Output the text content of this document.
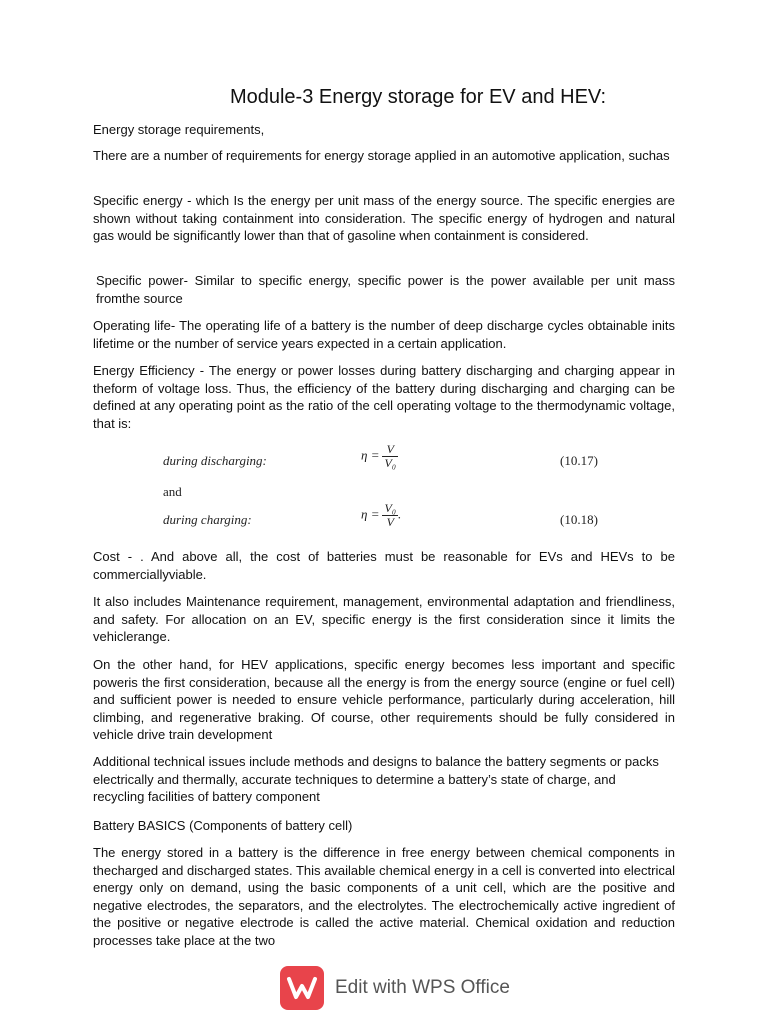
Module-3 Energy storage for EV and HEV:
Energy storage requirements,
There are a number of requirements for energy storage applied in an automotive application, suchas
Specific energy - which Is the energy per unit mass of the energy source. The specific energies are shown without taking containment into consideration. The specific energy of hydrogen and natural gas would be significantly lower than that of gasoline when containment is considered.
Specific power- Similar to specific energy, specific power is the power available per unit mass fromthe source
Operating life- The operating life of a battery is the number of deep discharge cycles obtainable inits lifetime or the number of service years expected in a certain application.
Energy Efficiency - The energy or power losses during battery discharging and charging appear in theform of voltage loss. Thus, the efficiency of the battery during discharging and charging can be defined at any operating point as the ratio of the cell operating voltage to the thermodynamic voltage, that is:
during discharging:	$\eta = \frac{V}{\text{V₀}}$	(10.17)
and
during charging:	$\eta = \frac{\text{V₀}}{V}$ .	(10.18)
Cost - . And above all, the cost of batteries must be reasonable for EVs and HEVs to be commerciallyviable.
It also includes Maintenance requirement, management, environmental adaptation and friendliness, and safety. For allocation on an EV, specific energy is the first consideration since it limits the vehiclerange.
On the other hand, for HEV applications, specific energy becomes less important and specific poweris the first consideration, because all the energy is from the energy source (engine or fuel cell) and sufficient power is needed to ensure vehicle performance, particularly during acceleration, hill climbing, and regenerative braking. Of course, other requirements should be fully considered in vehicle drive train development
Additional technical issues include methods and designs to balance the battery segments or packs electrically and thermally, accurate techniques to determine a battery’s state of charge, and recycling facilities of battery component
Battery BASICS (Components of battery cell)
The energy stored in a battery is the difference in free energy between chemical components in thecharged and discharged states. This available chemical energy in a cell is converted into electrical energy only on demand, using the basic components of a unit cell, which are the positive and negative electrodes, the separators, and the electrolytes. The electrochemically active ingredient of the positive or negative electrode is called the active material. Chemical oxidation and reduction processes take place at the two
Edit with WPS Office
